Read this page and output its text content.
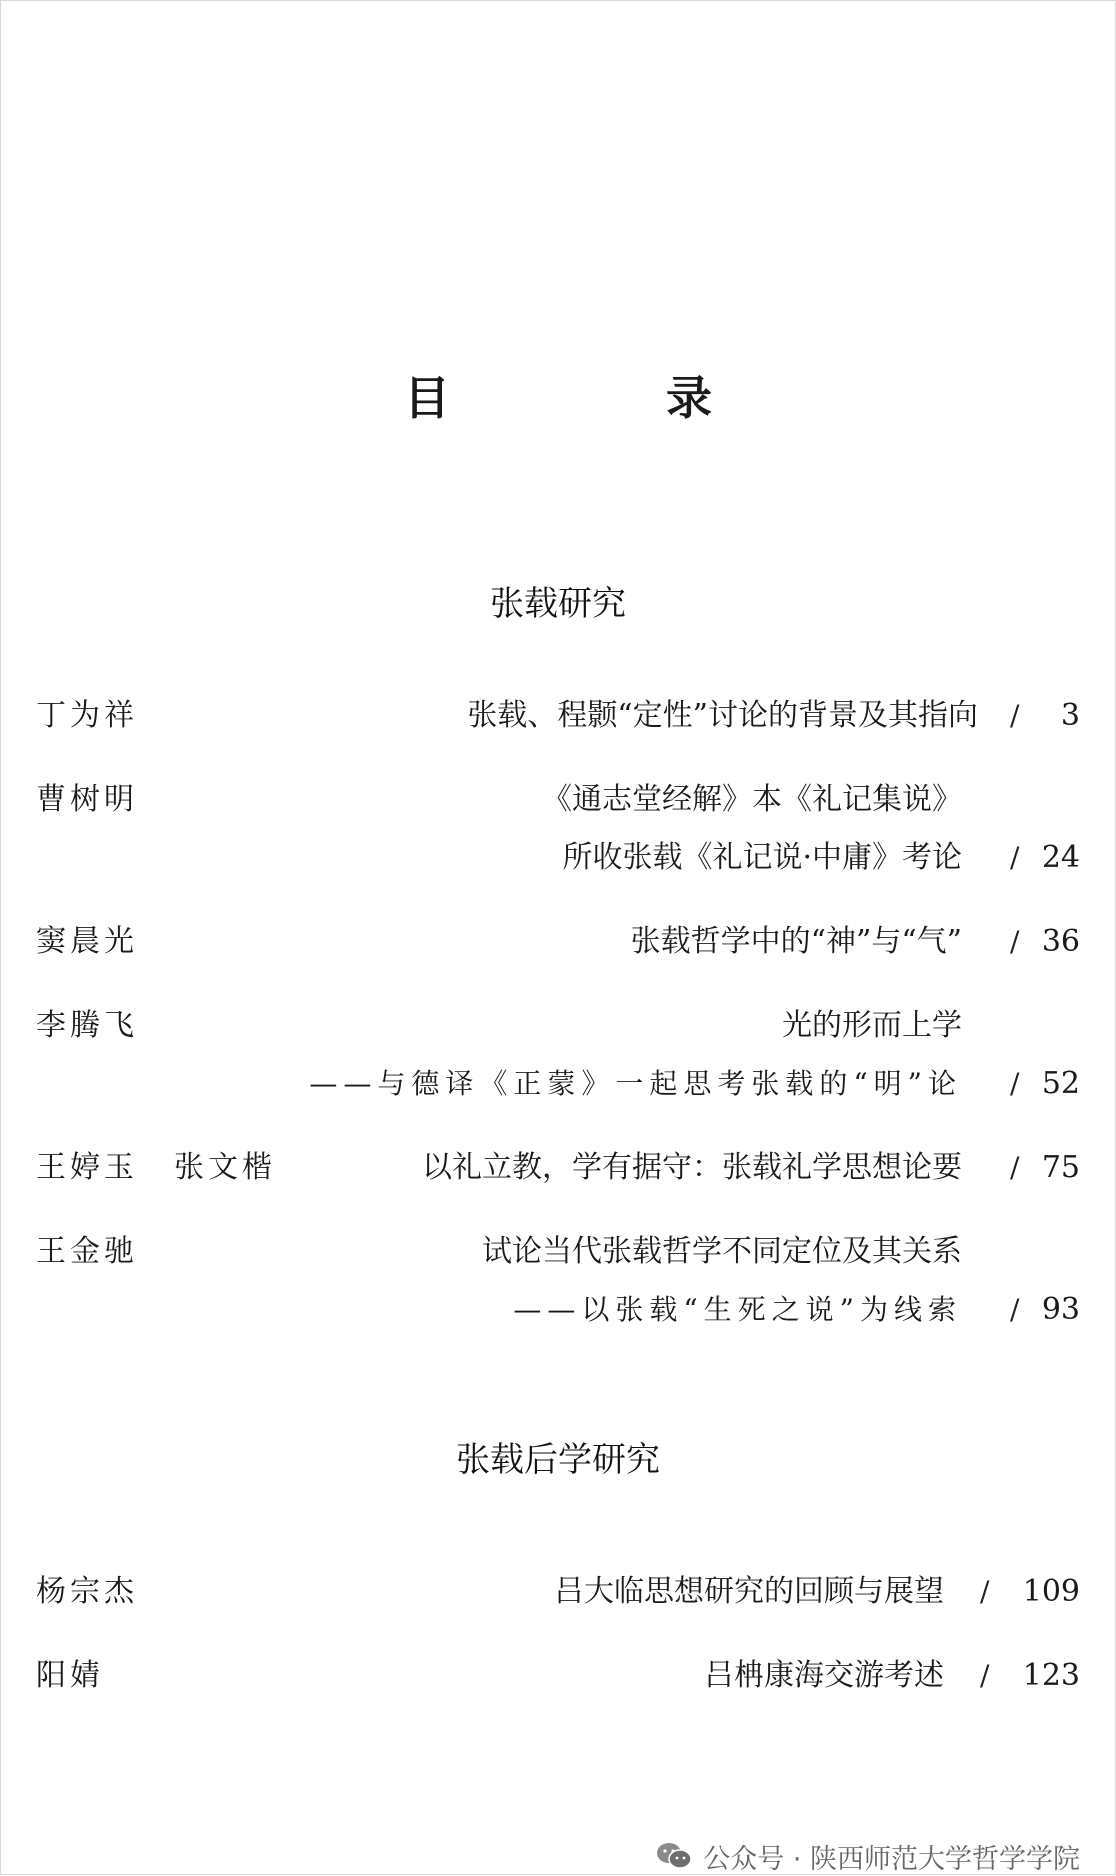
目 录
张载研究
丁为祥	张载、程颢“定性”讨论的背景及其指向 / 3
曹树明	《通志堂经解》本《礼记集说》
所收张载《礼记说·中庸》考论 / 24
窦晨光	张载哲学中的“神”与“气” / 36
李腾飞	光的形而上学
——与德译《正蒙》一起思考张载的“明”论 / 52
王婷玉 张文楷	以礼立教，学有据守：张载礼学思想论要 / 75
王金驰	试论当代张载哲学不同定位及其关系
——以张载“生死之说”为线索 / 93
张载后学研究
杨宗杰	吕大临思想研究的回顾与展望 / 109
阳婧	吕柟康海交游考述 / 123
公众号 · 陕西师范大学哲学学院
